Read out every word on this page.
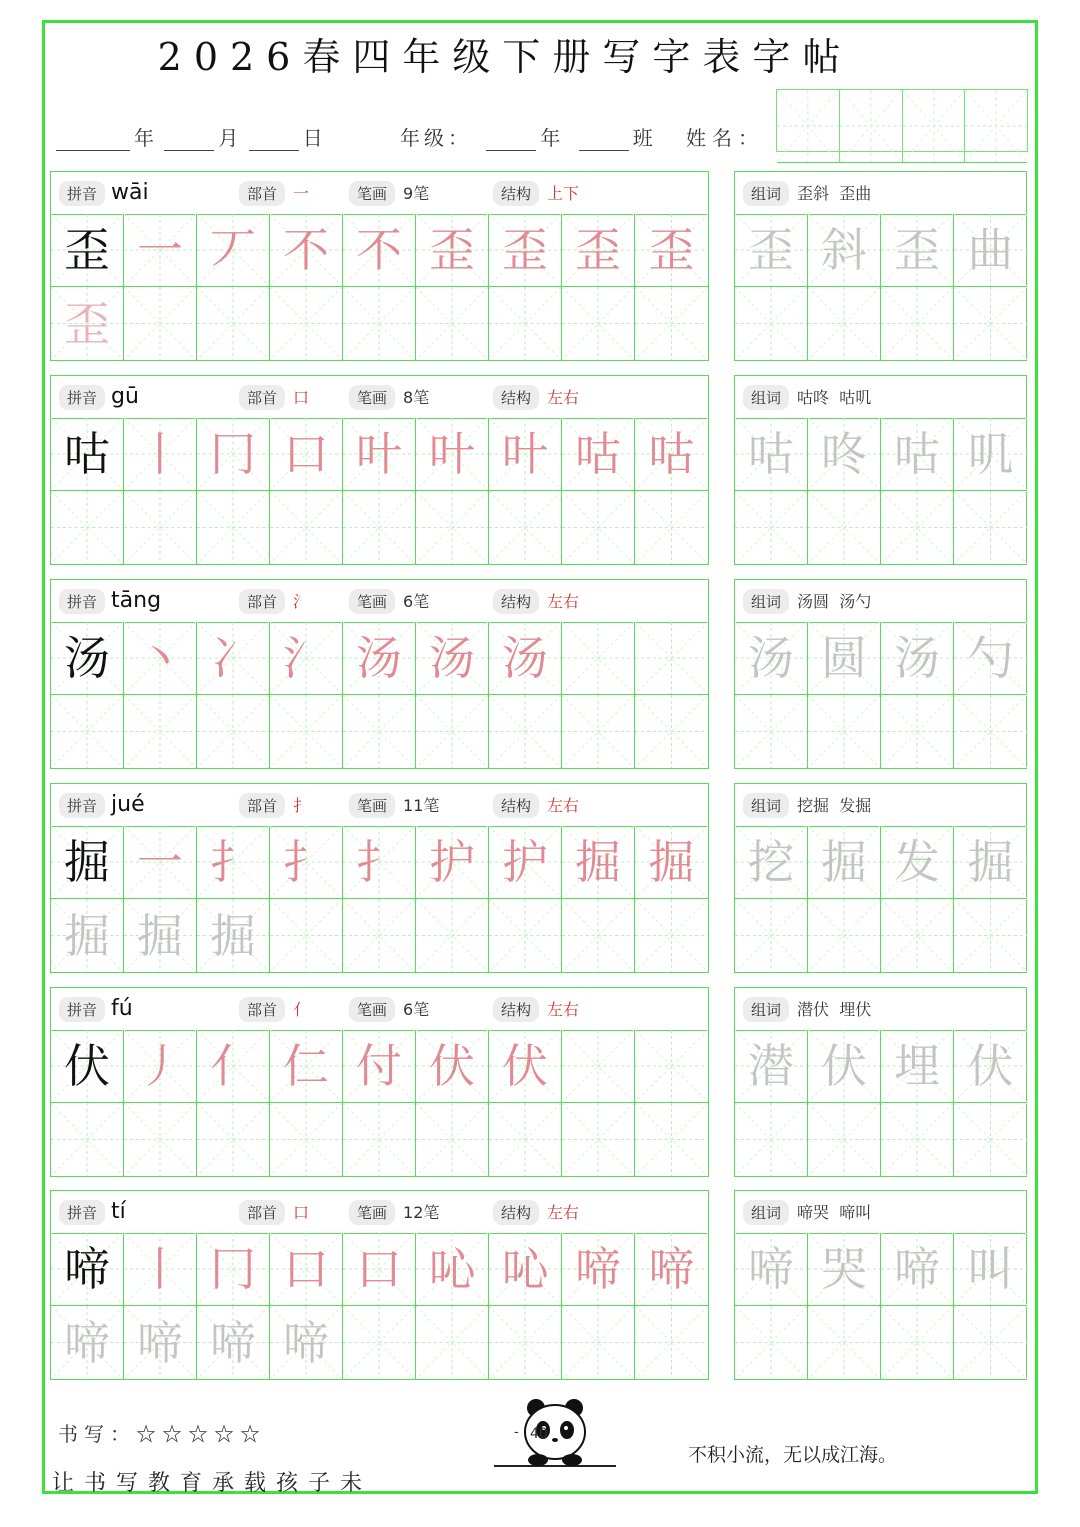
2026春四年级下册写字表字帖
年	月	日	年级：	年	班 姓名：
拼音 wāi	部首 一	笔画 9笔	结构 上下
歪 一 丆 不 不 歪 歪 歪 歪
歪
组词 歪斜  歪曲
歪 斜 歪 曲
拼音 gū	部首 口	笔画 8笔	结构 左右
咕 丨 冂 口 叶 叶 叶 咕 咕
组词 咕咚  咕叽
咕 咚 咕 叽
拼音 tāng	部首 氵	笔画 6笔	结构 左右
汤 丶 冫 氵 汤 汤 汤
组词 汤圆  汤勺
汤 圆 汤 勺
拼音 jué	部首 扌	笔画 11笔	结构 左右
掘 一 扌 扌 扌 护 护 掘 掘
掘 掘 掘
组词 挖掘  发掘
挖 掘 发 掘
拼音 fú	部首 亻	笔画 6笔	结构 左右
伏 丿 亻 仁 付 伏 伏
组词 潜伏  埋伏
潜 伏 埋 伏
拼音 tí	部首 口	笔画 12笔	结构 左右
啼 丨 冂 口 口 吣 吣 啼 啼
啼 啼 啼 啼
组词 啼哭  啼叫
啼 哭 啼 叫
书写：☆☆☆☆☆	- 40
不积小流，无以成江海。
让书写教育承载孩子未
